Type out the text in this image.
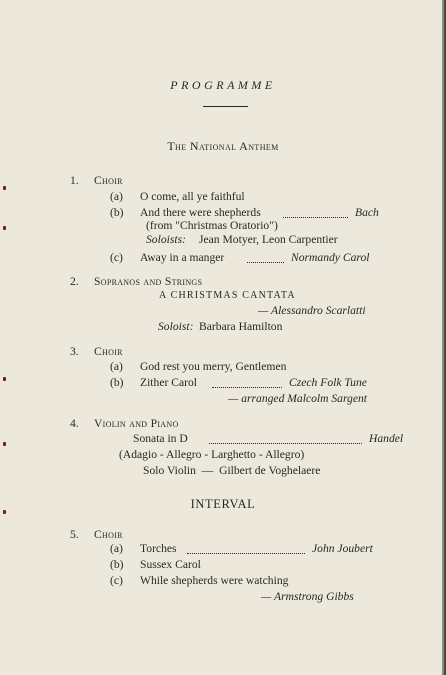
PROGRAMME
The National Anthem
1. Choir
(a) O come, all ye faithful
(b) And there were shepherds	Bach
(from "Christmas Oratorio")
Soloists: Jean Motyer, Leon Carpentier
(c) Away in a manger	Normandy Carol
2. Sopranos and Strings
A CHRISTMAS CANTATA
— Alessandro Scarlatti
Soloist: Barbara Hamilton
3. Choir
(a) God rest you merry, Gentlemen
(b) Zither Carol	Czech Folk Tune
— arranged Malcolm Sargent
4. Violin and Piano
Sonata in D	Handel
(Adagio - Allegro - Larghetto - Allegro)
Solo Violin  —  Gilbert de Voghelaere
INTERVAL
5. Choir
(a) Torches	John Joubert
(b) Sussex Carol
(c) While shepherds were watching
— Armstrong Gibbs
